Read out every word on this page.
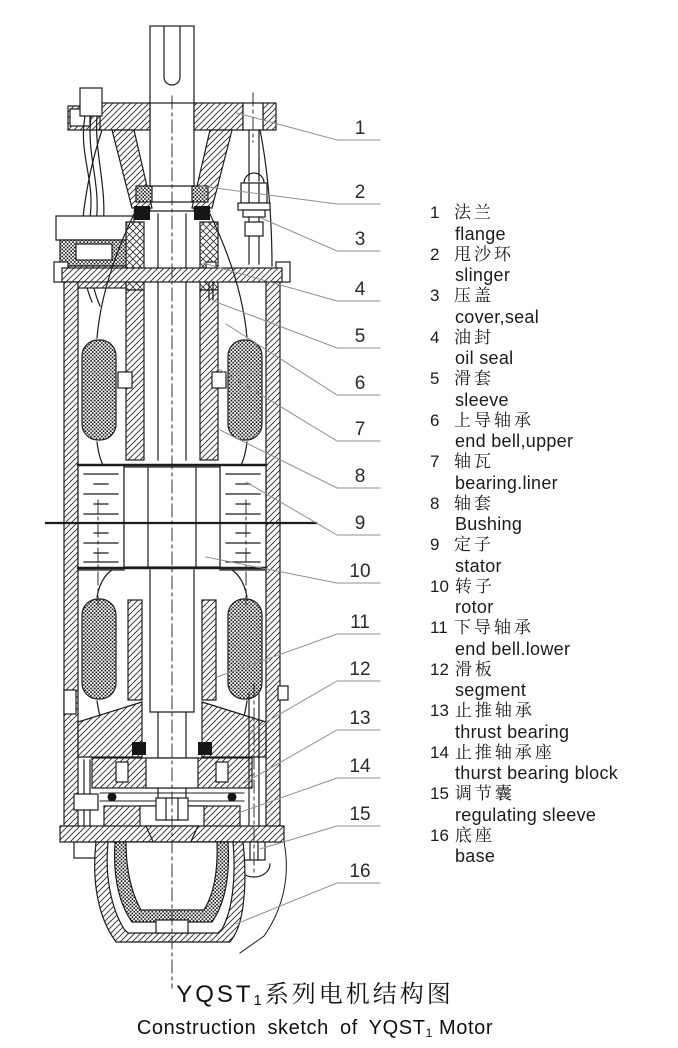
1
2
3
4
5
6
7
8
9
10
11
12
13
14
15
16
1 法兰
flange
2 甩沙环
slinger
3 压盖
cover,seal
4 油封
oil seal
5 滑套
sleeve
6 上导轴承
end bell,upper
7 轴瓦
bearing.liner
8 轴套
Bushing
9 定子
stator
10 转子
rotor
11 下导轴承
end bell.lower
12 滑板
segment
13 止推轴承
thrust bearing
14 止推轴承座
thurst bearing block
15 调节囊
regulating sleeve
16 底座
base
$YQST_1$系列电机结构图
Construction sketch of $YQST_1$ Motor
